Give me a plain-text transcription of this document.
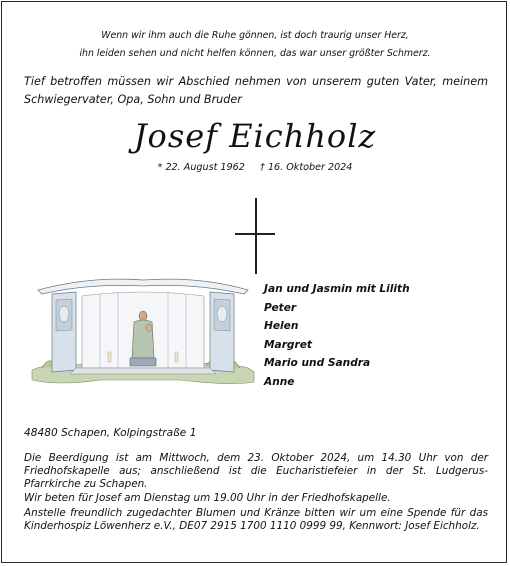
Wenn wir ihm auch die Ruhe gönnen, ist doch traurig unser Herz,
ihn leiden sehen und nicht helfen können, das war unser größter Schmerz.
Tief betroffen müssen wir Abschied nehmen von unserem guten Vater, meinem Schwiegervater, Opa, Sohn und Bruder
Josef Eichholz
* 22. August 1962 † 16. Oktober 2024
Jan und Jasmin mit Lilith
Peter
Helen
Margret
Mario und Sandra
Anne
48480 Schapen, Kolpingstraße 1

Die Beerdigung ist am Mittwoch, dem 23. Oktober 2024, um 14.30 Uhr von der Friedhofskapelle aus; anschließend ist die Eucharistiefeier in der St. Ludgerus-Pfarrkirche zu Schapen.

Wir beten für Josef am Dienstag um 19.00 Uhr in der Friedhofskapelle.

Anstelle freundlich zugedachter Blumen und Kränze bitten wir um eine Spende für das Kinderhospiz Löwenherz e.V., DE07 2915 1700 1110 0999 99, Kennwort: Josef Eichholz.
